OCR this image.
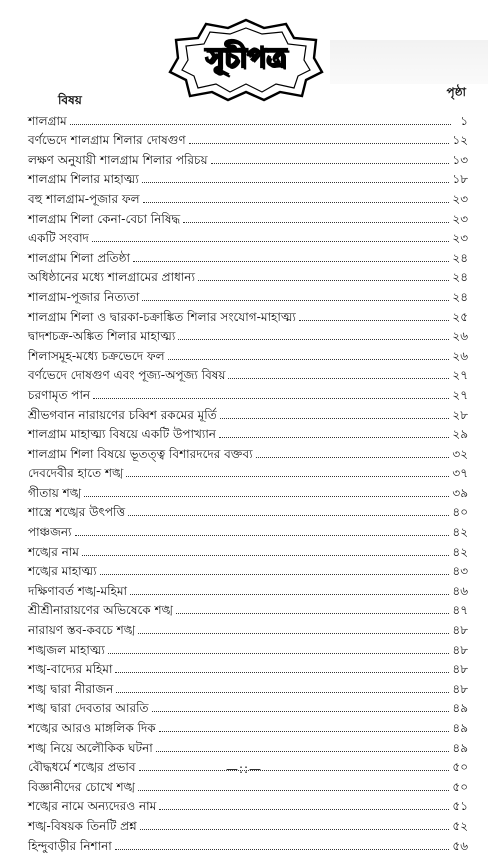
সূচীপত্র
বিষয়
পৃষ্ঠা
শালগ্রাম	১
বর্ণভেদে শালগ্রাম শিলার দোষগুণ	১২
লক্ষণ অনুযায়ী শালগ্রাম শিলার পরিচয়	১৩
শালগ্রাম শিলার মাহাত্ম্য	১৮
বহু শালগ্রাম-পূজার ফল	২৩
শালগ্রাম শিলা কেনা-বেচা নিষিদ্ধ	২৩
একটি সংবাদ	২৩
শালগ্রাম শিলা প্রতিষ্ঠা	২৪
অধিষ্ঠানের মধ্যে শালগ্রামের প্রাধান্য	২৪
শালগ্রাম-পূজার নিত্যতা	২৪
শালগ্রাম শিলা ও দ্বারকা-চক্রাঙ্কিত শিলার সংযোগ-মাহাত্ম্য	২৫
দ্বাদশচক্র-অঙ্কিত শিলার মাহাত্ম্য	২৬
শিলাসমূহ-মধ্যে চক্রভেদে ফল	২৬
বর্ণভেদে দোষগুণ এবং পূজ্য-অপূজ্য বিষয়	২৭
চরণামৃত পান	২৭
শ্রীভগবান নারায়ণের চব্বিশ রকমের মূর্তি	২৮
শালগ্রাম মাহাত্ম্য বিষয়ে একটি উপাখ্যান	২৯
শালগ্রাম শিলা বিষয়ে ভূতত্ত্ব বিশারদদের বক্তব্য	৩২
দেবদেবীর হাতে শঙ্খ	৩৭
গীতায় শঙ্খ	৩৯
শাস্ত্রে শঙ্খের উৎপত্তি	৪০
পাঞ্চজন্য	৪২
শঙ্খের নাম	৪২
শঙ্খের মাহাত্ম্য	৪৩
দক্ষিণাবর্ত শঙ্খ-মহিমা	৪৬
শ্রীশ্রীনারায়ণের অভিষেকে শঙ্খ	৪৭
নারায়ণ স্তব-কবচে শঙ্খ	৪৮
শঙ্খজল মাহাত্ম্য	৪৮
শঙ্খ-বাদ্যের মহিমা	৪৮
শঙ্খ দ্বারা নীরাজন	৪৮
শঙ্খ দ্বারা দেবতার আরতি	৪৯
শঙ্খের আরও মাঙ্গলিক দিক	৪৯
শঙ্খ নিয়ে অলৌকিক ঘটনা	৪৯
বৌদ্ধধর্মে শঙ্খের প্রভাব	৫০
বিজ্ঞানীদের চোখে শঙ্খ	৫০
শঙ্খের নামে অন্যদেরও নাম	৫১
শঙ্খ-বিষয়ক তিনটি প্রশ্ন	৫২
হিন্দুবাড়ীর নিশানা	৫৬
—::—
